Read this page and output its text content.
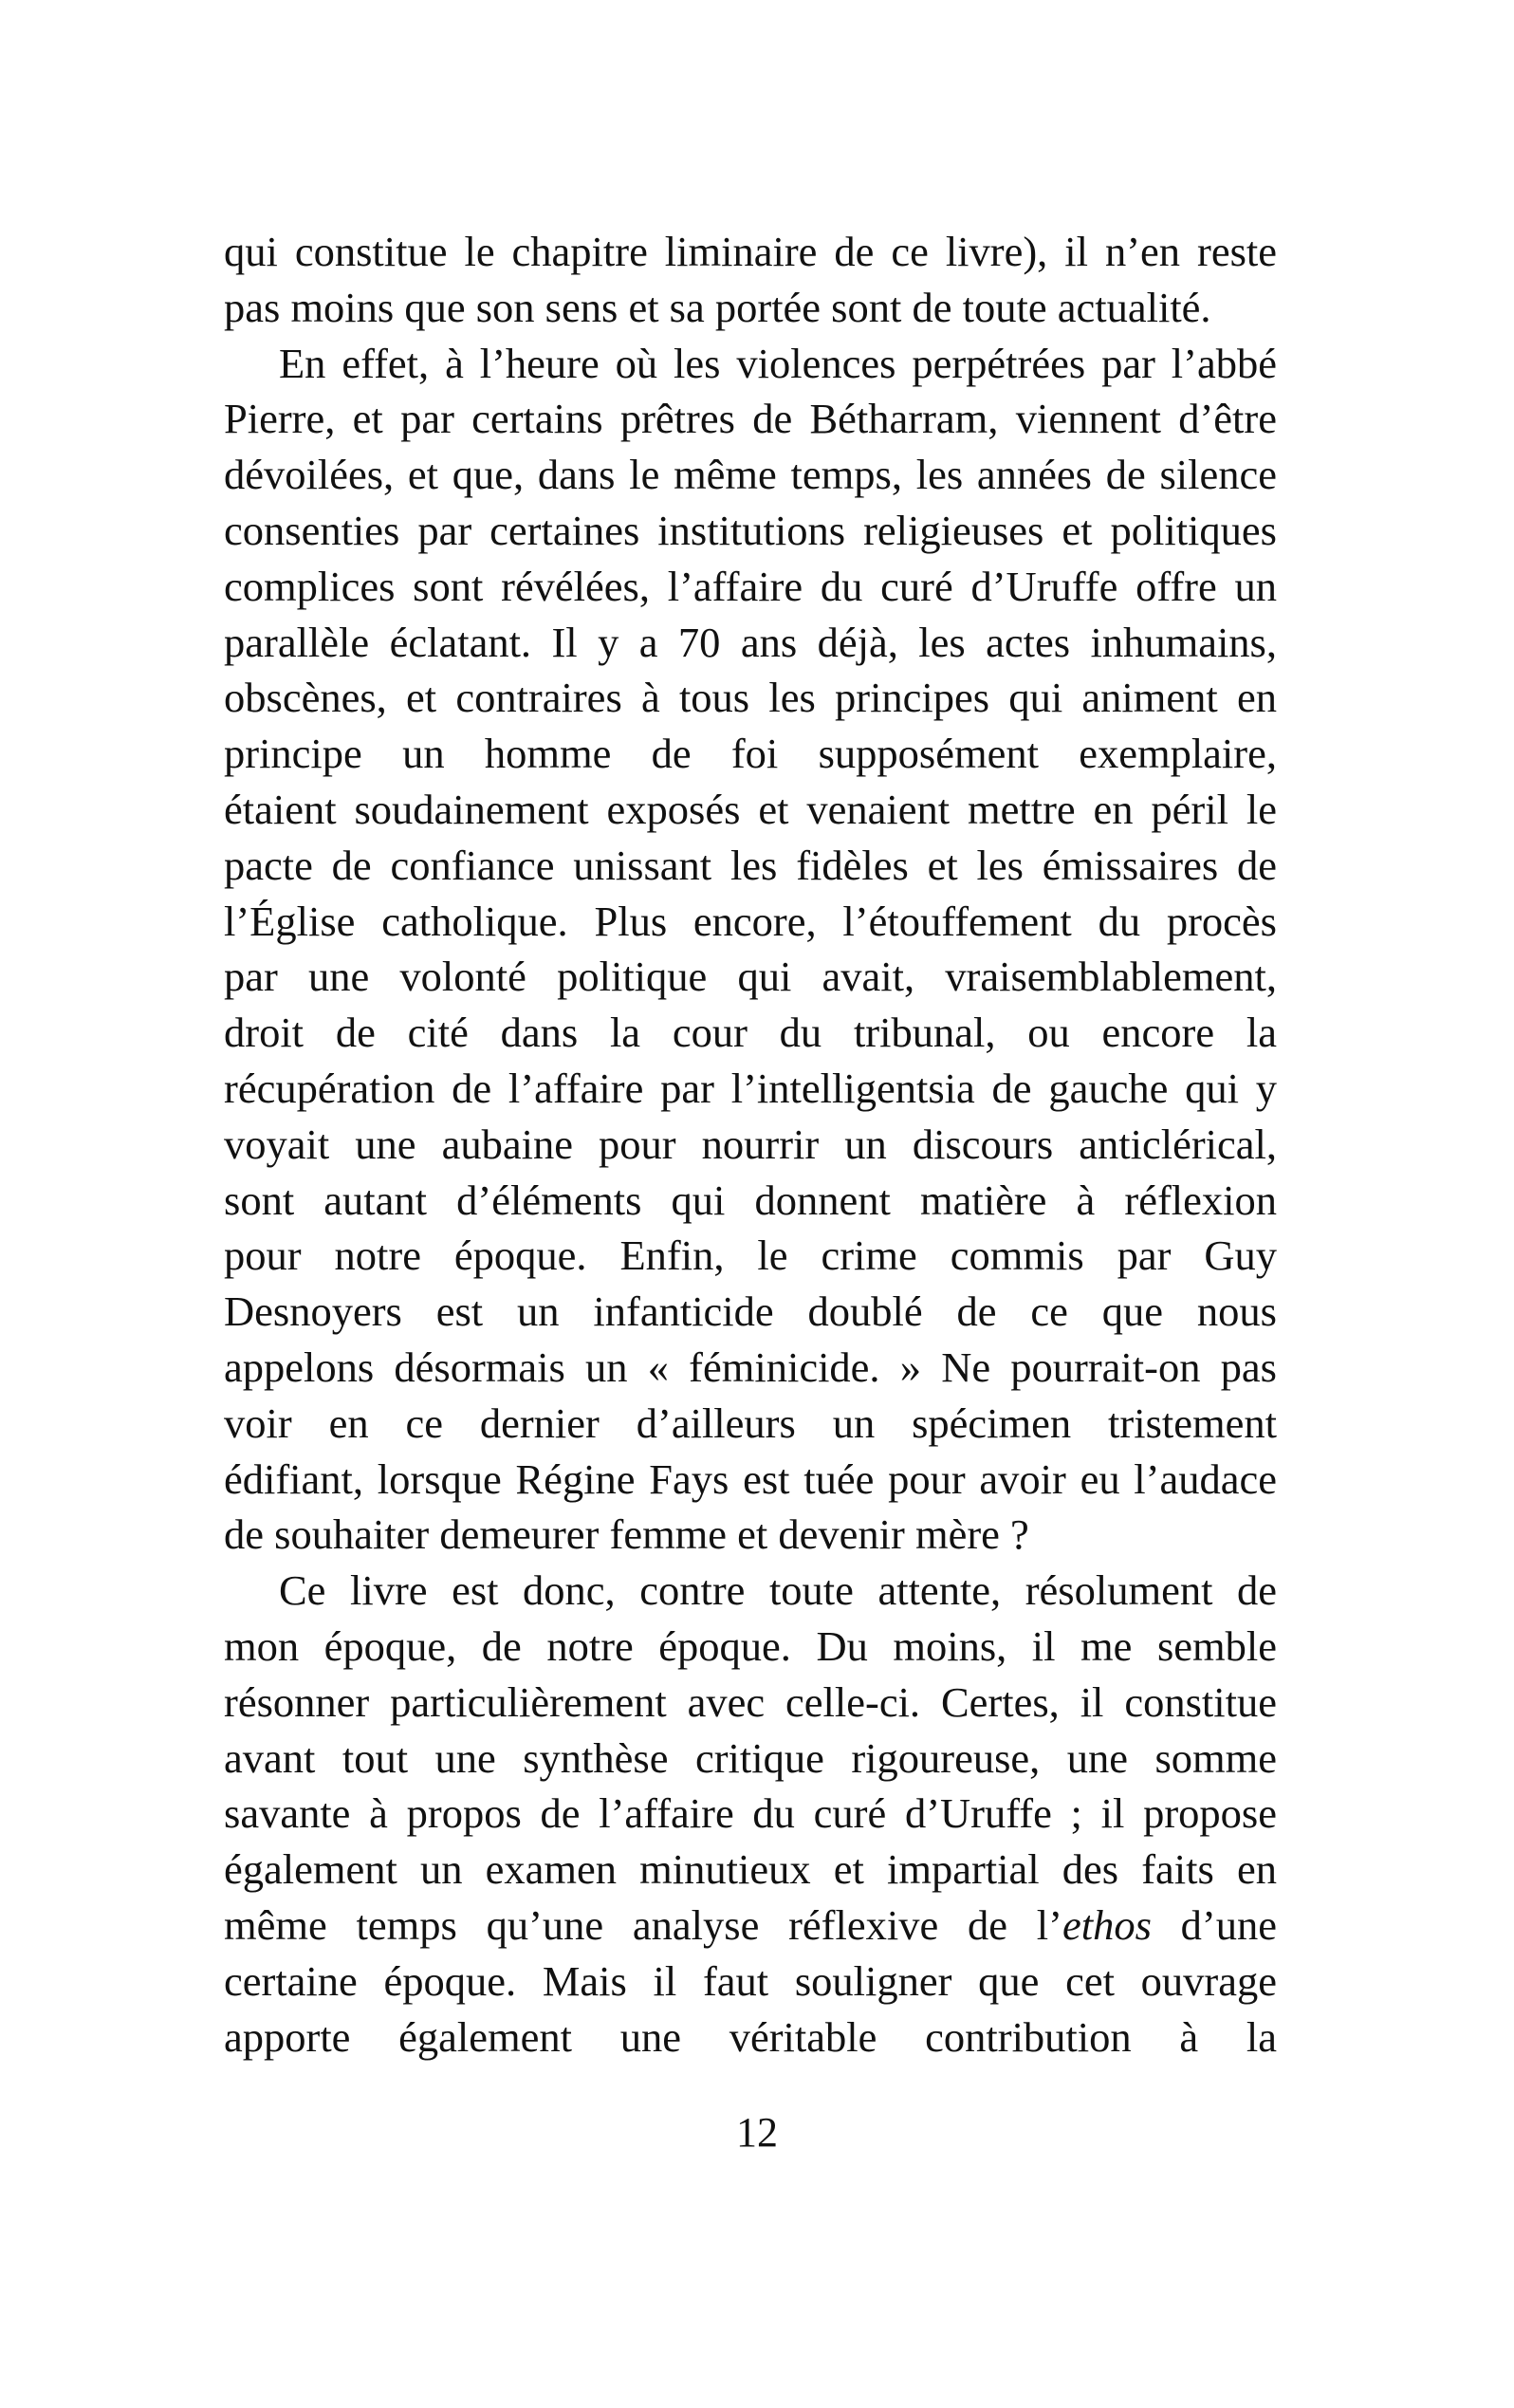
qui constitue le chapitre liminaire de ce livre), il n’en reste
pas moins que son sens et sa portée sont de toute actualité.
En effet, à l’heure où les violences perpétrées par l’abbé
Pierre, et par certains prêtres de Bétharram, viennent d’être
dévoilées, et que, dans le même temps, les années de silence
consenties par certaines institutions religieuses et politiques
complices sont révélées, l’affaire du curé d’Uruffe offre un
parallèle éclatant. Il y a 70 ans déjà, les actes inhumains,
obscènes, et contraires à tous les principes qui animent en
principe un homme de foi supposément exemplaire,
étaient soudainement exposés et venaient mettre en péril le
pacte de confiance unissant les fidèles et les émissaires de
l’Église catholique. Plus encore, l’étouffement du procès
par une volonté politique qui avait, vraisemblablement,
droit de cité dans la cour du tribunal, ou encore la
récupération de l’affaire par l’intelligentsia de gauche qui y
voyait une aubaine pour nourrir un discours anticlérical,
sont autant d’éléments qui donnent matière à réflexion
pour notre époque. Enfin, le crime commis par Guy
Desnoyers est un infanticide doublé de ce que nous
appelons désormais un « féminicide. » Ne pourrait-on pas
voir en ce dernier d’ailleurs un spécimen tristement
édifiant, lorsque Régine Fays est tuée pour avoir eu l’audace
de souhaiter demeurer femme et devenir mère ?
Ce livre est donc, contre toute attente, résolument de
mon époque, de notre époque. Du moins, il me semble
résonner particulièrement avec celle-ci. Certes, il constitue
avant tout une synthèse critique rigoureuse, une somme
savante à propos de l’affaire du curé d’Uruffe ; il propose
également un examen minutieux et impartial des faits en
même temps qu’une analyse réflexive de l’ethos d’une
certaine époque. Mais il faut souligner que cet ouvrage
apporte également une véritable contribution à la
12
